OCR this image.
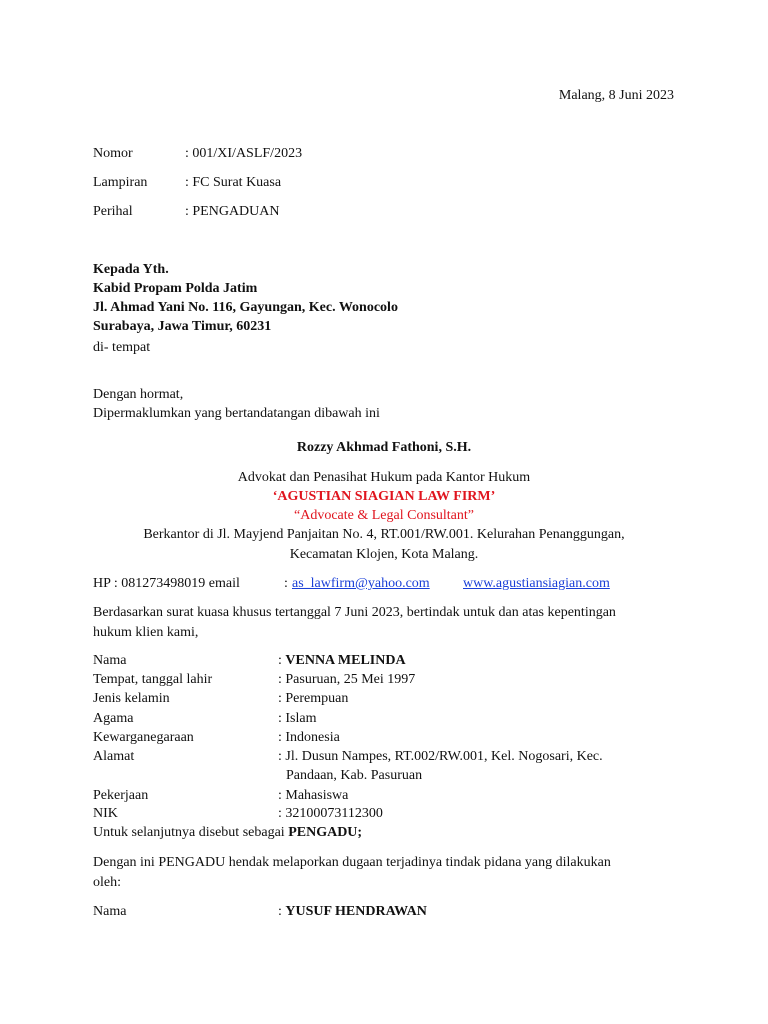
Malang, 8 Juni 2023
Nomor	: 001/XI/ASLF/2023
Lampiran	: FC Surat Kuasa
Perihal	: PENGADUAN
Kepada Yth.
Kabid Propam Polda Jatim
Jl. Ahmad Yani No. 116, Gayungan, Kec. Wonocolo
Surabaya, Jawa Timur, 60231
di- tempat
Dengan hormat,
Dipermaklumkan yang bertandatangan dibawah ini
Rozzy Akhmad Fathoni, S.H.
Advokat dan Penasihat Hukum pada Kantor Hukum
‘AGUSTIAN SIAGIAN LAW FIRM’
“Advocate & Legal Consultant”
Berkantor di Jl. Mayjend Panjaitan No. 4, RT.001/RW.001. Kelurahan Penanggungan,
Kecamatan Klojen, Kota Malang.
HP : 081273498019 email	: as_lawfirm@yahoo.com www.agustiansiagian.com
Berdasarkan surat kuasa khusus tertanggal 7 Juni 2023, bertindak untuk dan atas kepentingan
hukum klien kami,
Nama	: VENNA MELINDA
Tempat, tanggal lahir	: Pasuruan, 25 Mei 1997
Jenis kelamin	: Perempuan
Agama	: Islam
Kewarganegaraan	: Indonesia
Alamat	: Jl. Dusun Nampes, RT.002/RW.001, Kel. Nogosari, Kec.
Pandaan, Kab. Pasuruan
Pekerjaan	: Mahasiswa
NIK	: 32100073112300
Untuk selanjutnya disebut sebagai PENGADU;
Dengan ini PENGADU hendak melaporkan dugaan terjadinya tindak pidana yang dilakukan
oleh:
Nama	: YUSUF HENDRAWAN
